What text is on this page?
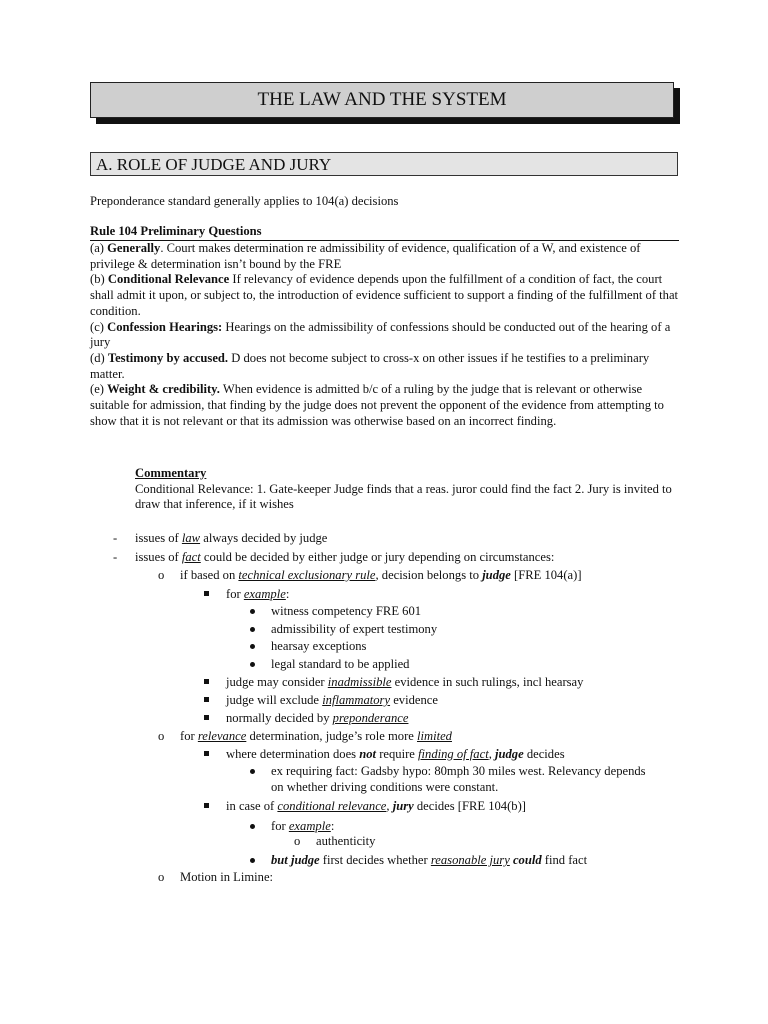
THE LAW AND THE SYSTEM
A. ROLE OF JUDGE AND JURY
Preponderance standard generally applies to 104(a) decisions
Rule 104 Preliminary Questions

(a) Generally. Court makes determination re admissibility of evidence, qualification of a W, and existence of privilege & determination isn’t bound by the FRE

(b) Conditional Relevance If relevancy of evidence depends upon the fulfillment of a condition of fact, the court shall admit it upon, or subject to, the introduction of evidence sufficient to support a finding of the fulfillment of that condition.

(c) Confession Hearings: Hearings on the admissibility of confessions should be conducted out of the hearing of a jury

(d) Testimony by accused. D does not become subject to cross-x on other issues if he testifies to a preliminary matter.

(e) Weight & credibility. When evidence is admitted b/c of a ruling by the judge that is relevant or otherwise suitable for admission, that finding by the judge does not prevent the opponent of the evidence from attempting to show that it is not relevant or that its admission was otherwise based on an incorrect finding.

Commentary
Conditional Relevance: 1. Gate-keeper Judge finds that a reas. juror could find the fact 2. Jury is invited to draw that inference, if it wishes
- issues of law always decided by judge
- issues of fact could be decided by either judge or jury depending on circumstances:
o if based on technical exclusionary rule, decision belongs to judge [FRE 104(a)]
for example:
witness competency FRE 601
admissibility of expert testimony
hearsay exceptions
legal standard to be applied
judge may consider inadmissible evidence in such rulings, incl hearsay
judge will exclude inflammatory evidence
normally decided by preponderance
o for relevance determination, judge’s role more limited
where determination does not require finding of fact, judge decides
ex requiring fact: Gadsby hypo: 80mph 30 miles west. Relevancy depends on whether driving conditions were constant.
in case of conditional relevance, jury decides [FRE 104(b)]
for example:
o authenticity
but judge first decides whether reasonable jury could find fact
o Motion in Limine:
